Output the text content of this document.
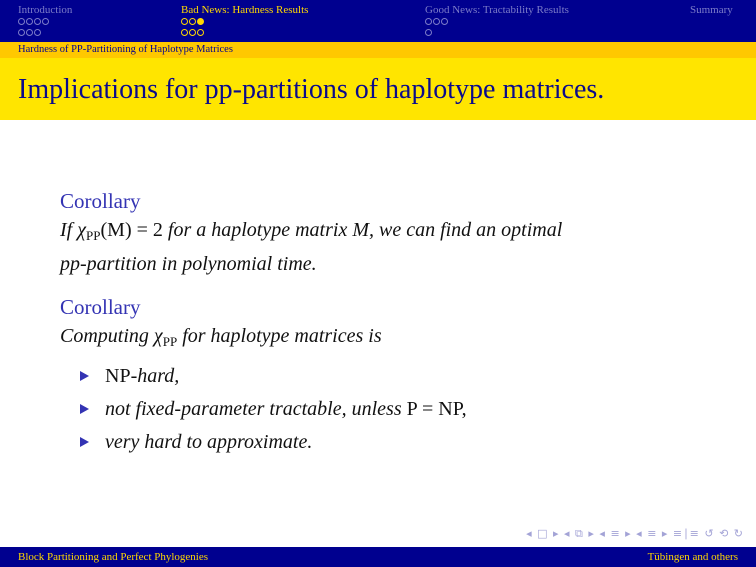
Introduction	Bad News: Hardness Results	Good News: Tractability Results	Summary
Hardness of PP-Partitioning of Haplotype Matrices
Implications for pp-partitions of haplotype matrices.
Corollary
If $\chi_{PP}(M) = 2$ for a haplotype matrix M, we can find an optimal
pp-partition in polynomial time.
Corollary
Computing $\chi_{PP}$ for haplotype matrices is
NP-hard,
not fixed-parameter tractable, unless P = NP,
very hard to approximate.
◂ □ ▸ ◂ ⧉ ▸ ◂ ≡ ▸ ◂ ≡ ▸ ≡∣≡ ↺ ⟲ ↻
Block Partitioning and Perfect Phylogenies	Tübingen and others
